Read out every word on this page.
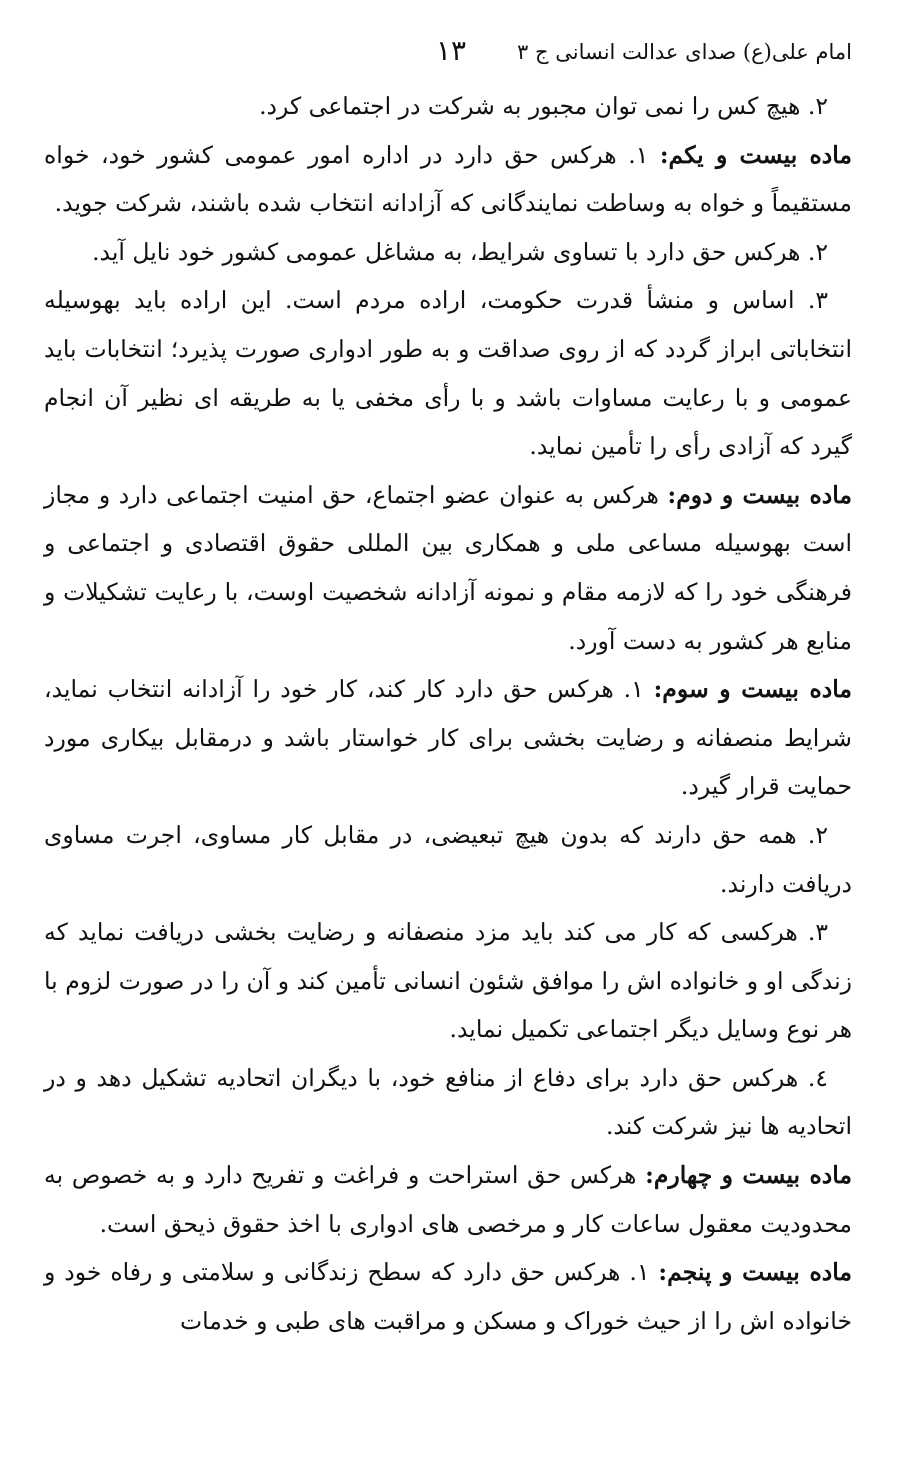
امام علی(ع) صدای عدالت انسانی ج ۳
۱۳

۲. هیچ کس را نمی توان مجبور به شرکت در اجتماعی کرد.

ماده بیست و یکم: ۱. هرکس حق دارد در اداره امور عمومی کشور خود، خواه مستقیماً و خواه به وساطت نمایندگانی که آزادانه انتخاب شده باشند، شرکت جوید.

۲. هرکس حق دارد با تساوی شرایط، به مشاغل عمومی کشور خود نایل آید.

۳. اساس و منشأ قدرت حکومت، اراده مردم است. این اراده باید بهوسیله انتخاباتی ابراز گردد که از روی صداقت و به طور ادواری صورت پذیرد؛ انتخابات باید عمومی و با رعایت مساوات باشد و با رأی مخفی یا به طریقه ای نظیر آن انجام گیرد که آزادی رأی را تأمین نماید.

ماده بیست و دوم: هرکس به عنوان عضو اجتماع، حق امنیت اجتماعی دارد و مجاز است بهوسیله مساعی ملی و همکاری بین المللی حقوق اقتصادی و اجتماعی و فرهنگی خود را که لازمه مقام و نمونه آزادانه شخصیت اوست، با رعایت تشکیلات و منابع هر کشور به دست آورد.

ماده بیست و سوم: ۱. هرکس حق دارد کار کند، کار خود را آزادانه انتخاب نماید، شرایط منصفانه و رضایت بخشی برای کار خواستار باشد و درمقابل بیکاری مورد حمایت قرار گیرد.

۲. همه حق دارند که بدون هیچ تبعیضی، در مقابل کار مساوی، اجرت مساوی دریافت دارند.

۳. هرکسی که کار می کند باید مزد منصفانه و رضایت بخشی دریافت نماید که زندگی او و خانواده اش را موافق شئون انسانی تأمین کند و آن را در صورت لزوم با هر نوع وسایل دیگر اجتماعی تکمیل نماید.

٤. هرکس حق دارد برای دفاع از منافع خود، با دیگران اتحادیه تشکیل دهد و در اتحادیه ها نیز شرکت کند.

ماده بیست و چهارم: هرکس حق استراحت و فراغت و تفریح دارد و به خصوص به محدودیت معقول ساعات کار و مرخصی های ادواری با اخذ حقوق ذیحق است.

ماده بیست و پنجم: ۱. هرکس حق دارد که سطح زندگانی و سلامتی و رفاه خود و خانواده اش را از حیث خوراک و مسکن و مراقبت های طبی و خدمات
